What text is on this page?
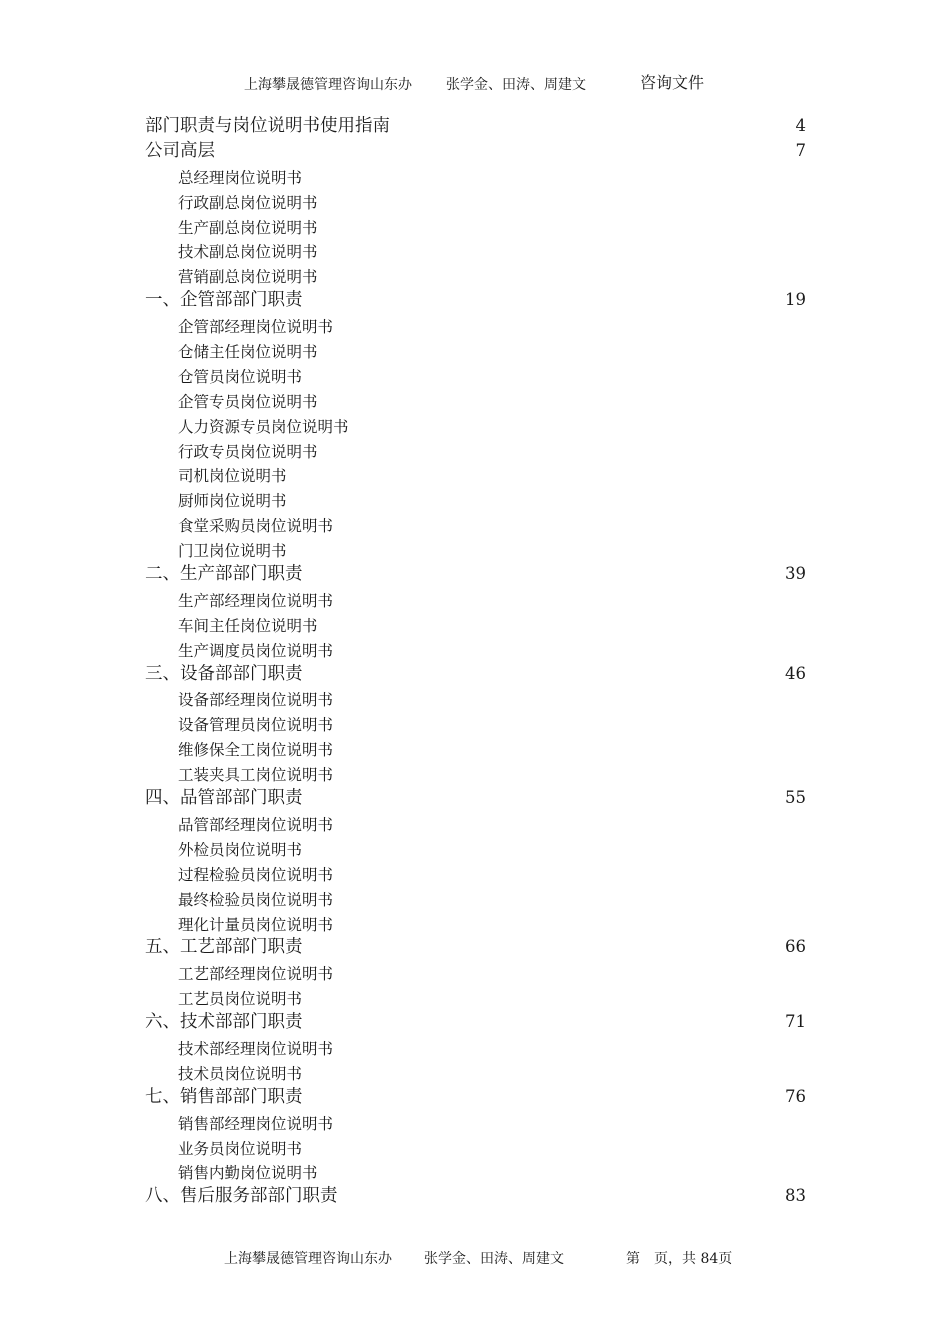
上海攀晟德管理咨询山东办 张学金、田涛、周建文	咨询文件
部门职责与岗位说明书使用指南	4
公司高层	7
总经理岗位说明书
行政副总岗位说明书
生产副总岗位说明书
技术副总岗位说明书
营销副总岗位说明书
一、企管部部门职责	19
企管部经理岗位说明书
仓储主任岗位说明书
仓管员岗位说明书
企管专员岗位说明书
人力资源专员岗位说明书
行政专员岗位说明书
司机岗位说明书
厨师岗位说明书
食堂采购员岗位说明书
门卫岗位说明书
二、生产部部门职责	39
生产部经理岗位说明书
车间主任岗位说明书
生产调度员岗位说明书
三、设备部部门职责	46
设备部经理岗位说明书
设备管理员岗位说明书
维修保全工岗位说明书
工装夹具工岗位说明书
四、品管部部门职责	55
品管部经理岗位说明书
外检员岗位说明书
过程检验员岗位说明书
最终检验员岗位说明书
理化计量员岗位说明书
五、工艺部部门职责	66
工艺部经理岗位说明书
工艺员岗位说明书
六、技术部部门职责	71
技术部经理岗位说明书
技术员岗位说明书
七、销售部部门职责	76
销售部经理岗位说明书
业务员岗位说明书
销售内勤岗位说明书
八、售后服务部部门职责	83
上海攀晟德管理咨询山东办 张学金、田涛、周建文	第　页，共 84页
